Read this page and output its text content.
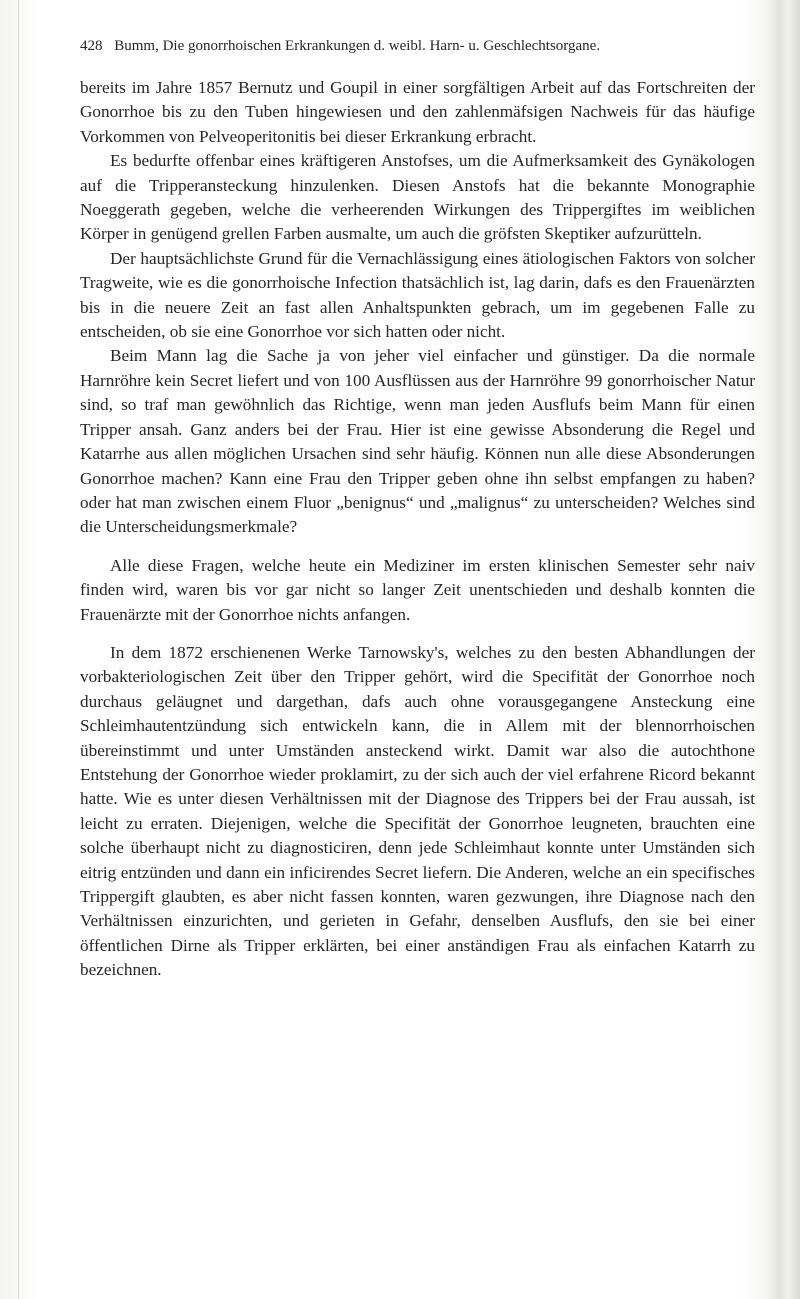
428 Bumm, Die gonorrhoischen Erkrankungen d. weibl. Harn- u. Geschlechtsorgane.

bereits im Jahre 1857 Bernutz und Goupil in einer sorgfältigen Arbeit auf das Fortschreiten der Gonorrhoe bis zu den Tuben hingewiesen und den zahlenmäfsigen Nachweis für das häufige Vorkommen von Pelveoperitonitis bei dieser Erkrankung erbracht.

Es bedurfte offenbar eines kräftigeren Anstofses, um die Aufmerksamkeit des Gynäkologen auf die Tripperansteckung hinzulenken. Diesen Anstofs hat die bekannte Monographie Noeggerath gegeben, welche die verheerenden Wirkungen des Trippergiftes im weiblichen Körper in genügend grellen Farben ausmalte, um auch die gröfsten Skeptiker aufzurütteln.

Der hauptsächlichste Grund für die Vernachlässigung eines ätiologischen Faktors von solcher Tragweite, wie es die gonorrhoische Infection thatsächlich ist, lag darin, dafs es den Frauenärzten bis in die neuere Zeit an fast allen Anhaltspunkten gebrach, um im gegebenen Falle zu entscheiden, ob sie eine Gonorrhoe vor sich hatten oder nicht.

Beim Mann lag die Sache ja von jeher viel einfacher und günstiger. Da die normale Harnröhre kein Secret liefert und von 100 Ausflüssen aus der Harnröhre 99 gonorrhoischer Natur sind, so traf man gewöhnlich das Richtige, wenn man jeden Ausflufs beim Mann für einen Tripper ansah. Ganz anders bei der Frau. Hier ist eine gewisse Absonderung die Regel und Katarrhe aus allen möglichen Ursachen sind sehr häufig. Können nun alle diese Absonderungen Gonorrhoe machen? Kann eine Frau den Tripper geben ohne ihn selbst empfangen zu haben? oder hat man zwischen einem Fluor „benignus“ und „malignus“ zu unterscheiden? Welches sind die Unterscheidungsmerkmale?

Alle diese Fragen, welche heute ein Mediziner im ersten klinischen Semester sehr naiv finden wird, waren bis vor gar nicht so langer Zeit unentschieden und deshalb konnten die Frauenärzte mit der Gonorrhoe nichts anfangen.

In dem 1872 erschienenen Werke Tarnowsky's, welches zu den besten Abhandlungen der vorbakteriologischen Zeit über den Tripper gehört, wird die Specifität der Gonorrhoe noch durchaus geläugnet und dargethan, dafs auch ohne vorausgegangene Ansteckung eine Schleimhautentzündung sich entwickeln kann, die in Allem mit der blennorrhoischen übereinstimmt und unter Umständen ansteckend wirkt. Damit war also die autochthone Entstehung der Gonorrhoe wieder proklamirt, zu der sich auch der viel erfahrene Ricord bekannt hatte. Wie es unter diesen Verhältnissen mit der Diagnose des Trippers bei der Frau aussah, ist leicht zu erraten. Diejenigen, welche die Specifität der Gonorrhoe leugneten, brauchten eine solche überhaupt nicht zu diagnosticiren, denn jede Schleimhaut konnte unter Umständen sich eitrig entzünden und dann ein inficirendes Secret liefern. Die Anderen, welche an ein specifisches Trippergift glaubten, es aber nicht fassen konnten, waren gezwungen, ihre Diagnose nach den Verhältnissen einzurichten, und gerieten in Gefahr, denselben Ausflufs, den sie bei einer öffentlichen Dirne als Tripper erklärten, bei einer anständigen Frau als einfachen Katarrh zu bezeichnen.
